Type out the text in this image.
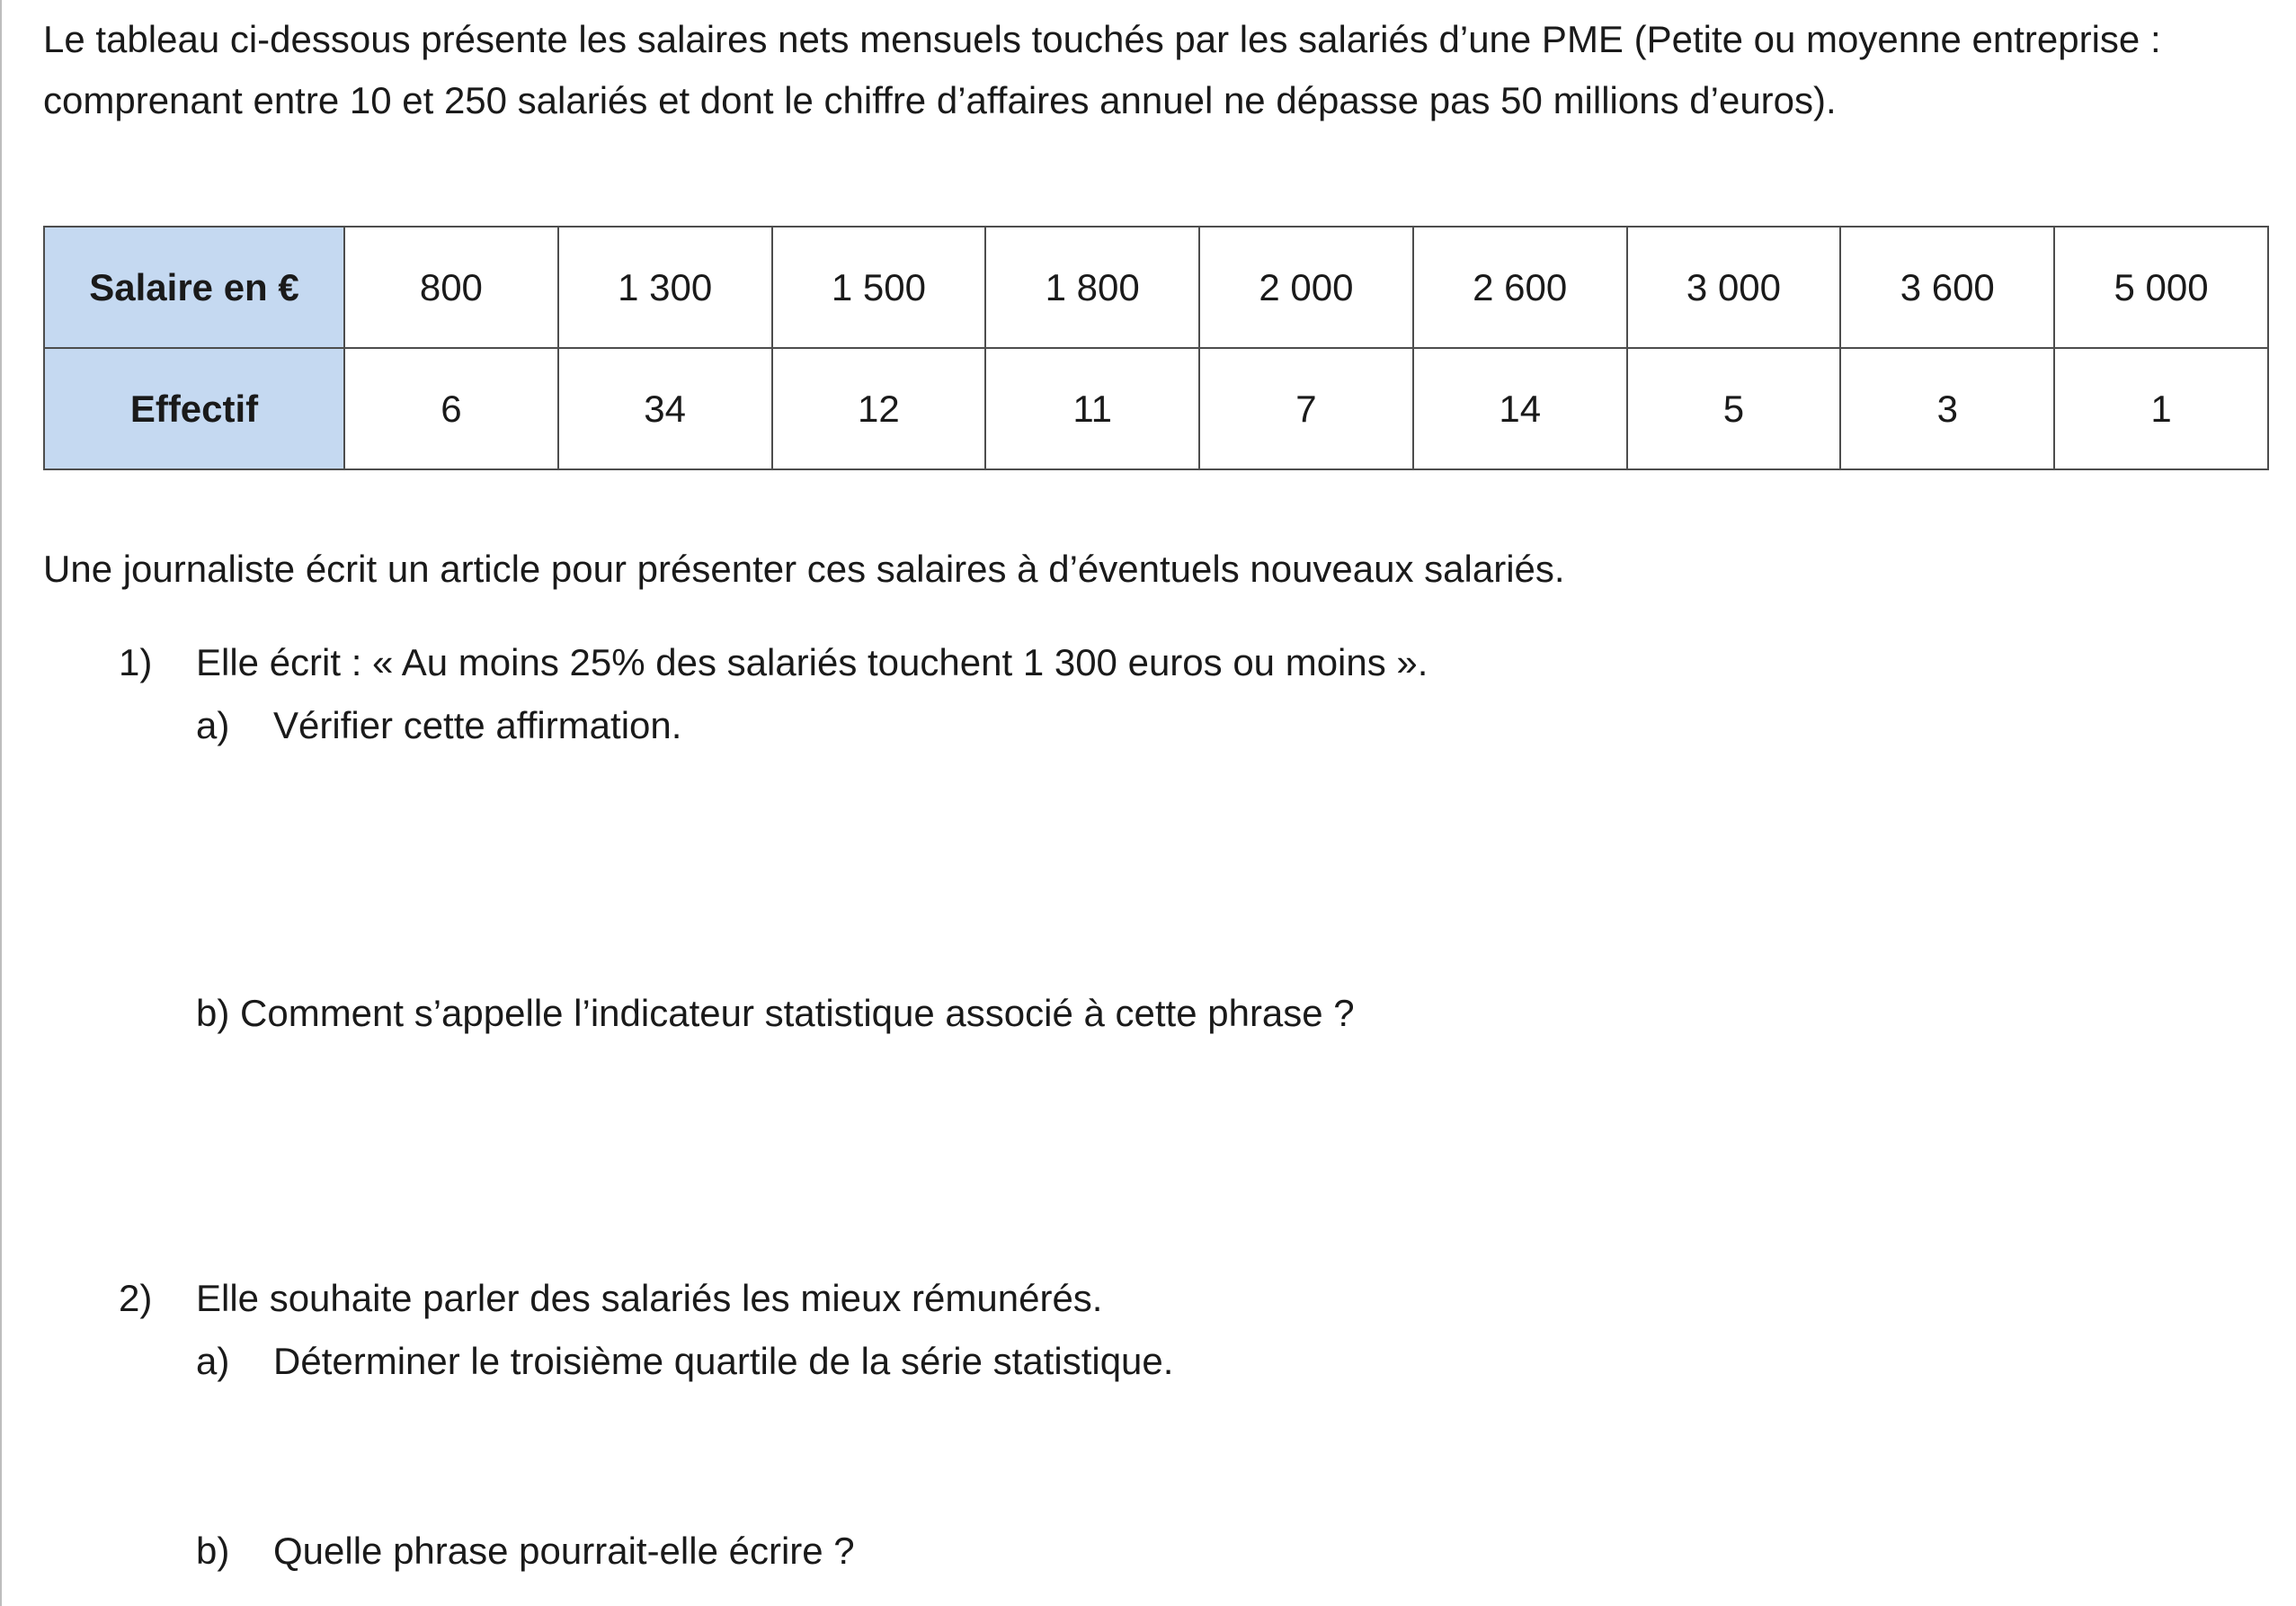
Le tableau ci-dessous présente les salaires nets mensuels touchés par les salariés d’une PME (Petite ou moyenne entreprise : comprenant entre 10 et 250 salariés et dont le chiffre d’affaires annuel ne dépasse pas 50 millions d’euros).
Salaire en €	800	1 300	1 500	1 800	2 000	2 600	3 000	3 600	5 000
Effectif	6	34	12	11	7	14	5	3	1
Une journaliste écrit un article pour présenter ces salaires à d’éventuels nouveaux salariés.
1) Elle écrit : « Au moins 25% des salariés touchent 1 300 euros ou moins ».
a) Vérifier cette affirmation.
b) Comment s’appelle l’indicateur statistique associé à cette phrase ?
2) Elle souhaite parler des salariés les mieux rémunérés.
a) Déterminer le troisième quartile de la série statistique.
b) Quelle phrase pourrait-elle écrire ?
